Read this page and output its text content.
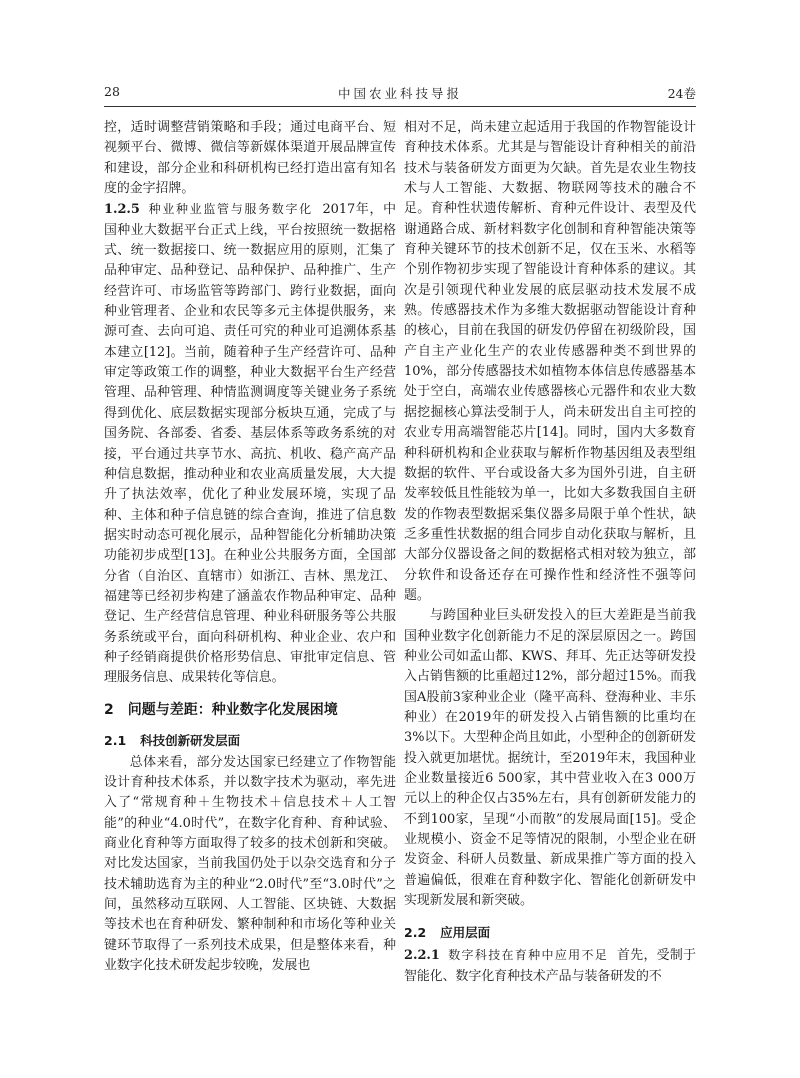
28	中国农业科技导报	24卷

控，适时调整营销策略和手段；通过电商平台、短视频平台、微博、微信等新媒体渠道开展品牌宣传和建设，部分企业和科研机构已经打造出富有知名度的金字招牌。

1.2.5 种业种业监管与服务数字化 2017年，中国种业大数据平台正式上线，平台按照统一数据格式、统一数据接口、统一数据应用的原则，汇集了品种审定、品种登记、品种保护、品种推广、生产经营许可、市场监管等跨部门、跨行业数据，面向种业管理者、企业和农民等多元主体提供服务，来源可查、去向可追、责任可究的种业可追溯体系基本建立[12]。当前，随着种子生产经营许可、品种审定等政策工作的调整，种业大数据平台生产经营管理、品种管理、种情监测调度等关键业务子系统得到优化、底层数据实现部分板块互通，完成了与国务院、各部委、省委、基层体系等政务系统的对接，平台通过共享节水、高抗、机收、稳产高产品种信息数据，推动种业和农业高质量发展，大大提升了执法效率，优化了种业发展环境，实现了品种、主体和种子信息链的综合查询，推进了信息数据实时动态可视化展示，品种智能化分析辅助决策功能初步成型[13]。在种业公共服务方面，全国部分省（自治区、直辖市）如浙江、吉林、黑龙江、福建等已经初步构建了涵盖农作物品种审定、品种登记、生产经营信息管理、种业科研服务等公共服务系统或平台，面向科研机构、种业企业、农户和种子经销商提供价格形势信息、审批审定信息、管理服务信息、成果转化等信息。

2 问题与差距：种业数字化发展困境
2.1 科技创新研发层面

总体来看，部分发达国家已经建立了作物智能设计育种技术体系，并以数字技术为驱动，率先进入了“常规育种＋生物技术＋信息技术＋人工智能”的种业“4.0时代”，在数字化育种、育种试验、商业化育种等方面取得了较多的技术创新和突破。对比发达国家，当前我国仍处于以杂交选育和分子技术辅助选育为主的种业“2.0时代”至“3.0时代”之间，虽然移动互联网、人工智能、区块链、大数据等技术也在育种研发、繁种制种和市场化等种业关键环节取得了一系列技术成果，但是整体来看，种业数字化技术研发起步较晚，发展也

相对不足，尚未建立起适用于我国的作物智能设计育种技术体系。尤其是与智能设计育种相关的前沿技术与装备研发方面更为欠缺。首先是农业生物技术与人工智能、大数据、物联网等技术的融合不足。育种性状遗传解析、育种元件设计、表型及代谢通路合成、新材料数字化创制和育种智能决策等育种关键环节的技术创新不足，仅在玉米、水稻等个别作物初步实现了智能设计育种体系的建议。其次是引领现代种业发展的底层驱动技术发展不成熟。传感器技术作为多维大数据驱动智能设计育种的核心，目前在我国的研发仍停留在初级阶段，国产自主产业化生产的农业传感器种类不到世界的10%，部分传感器技术如植物本体信息传感器基本处于空白，高端农业传感器核心元器件和农业大数据挖掘核心算法受制于人，尚未研发出自主可控的农业专用高端智能芯片[14]。同时，国内大多数育种科研机构和企业获取与解析作物基因组及表型组数据的软件、平台或设备大多为国外引进，自主研发率较低且性能较为单一，比如大多数我国自主研发的作物表型数据采集仪器多局限于单个性状，缺乏多重性状数据的组合同步自动化获取与解析，且大部分仪器设备之间的数据格式相对较为独立，部分软件和设备还存在可操作性和经济性不强等问题。

与跨国种业巨头研发投入的巨大差距是当前我国种业数字化创新能力不足的深层原因之一。跨国种业公司如孟山都、KWS、拜耳、先正达等研发投入占销售额的比重超过12%，部分超过15%。而我国A股前3家种业企业（隆平高科、登海种业、丰乐种业）在2019年的研发投入占销售额的比重均在3%以下。大型种企尚且如此，小型种企的创新研发投入就更加堪忧。据统计，至2019年末，我国种业企业数量接近6 500家，其中营业收入在3 000万元以上的种企仅占35%左右，具有创新研发能力的不到100家，呈现“小而散”的发展局面[15]。受企业规模小、资金不足等情况的限制，小型企业在研发资金、科研人员数量、新成果推广等方面的投入普遍偏低，很难在育种数字化、智能化创新研发中实现新发展和新突破。

2.2 应用层面

2.2.1 数字科技在育种中应用不足 首先，受制于智能化、数字化育种技术产品与装备研发的不
